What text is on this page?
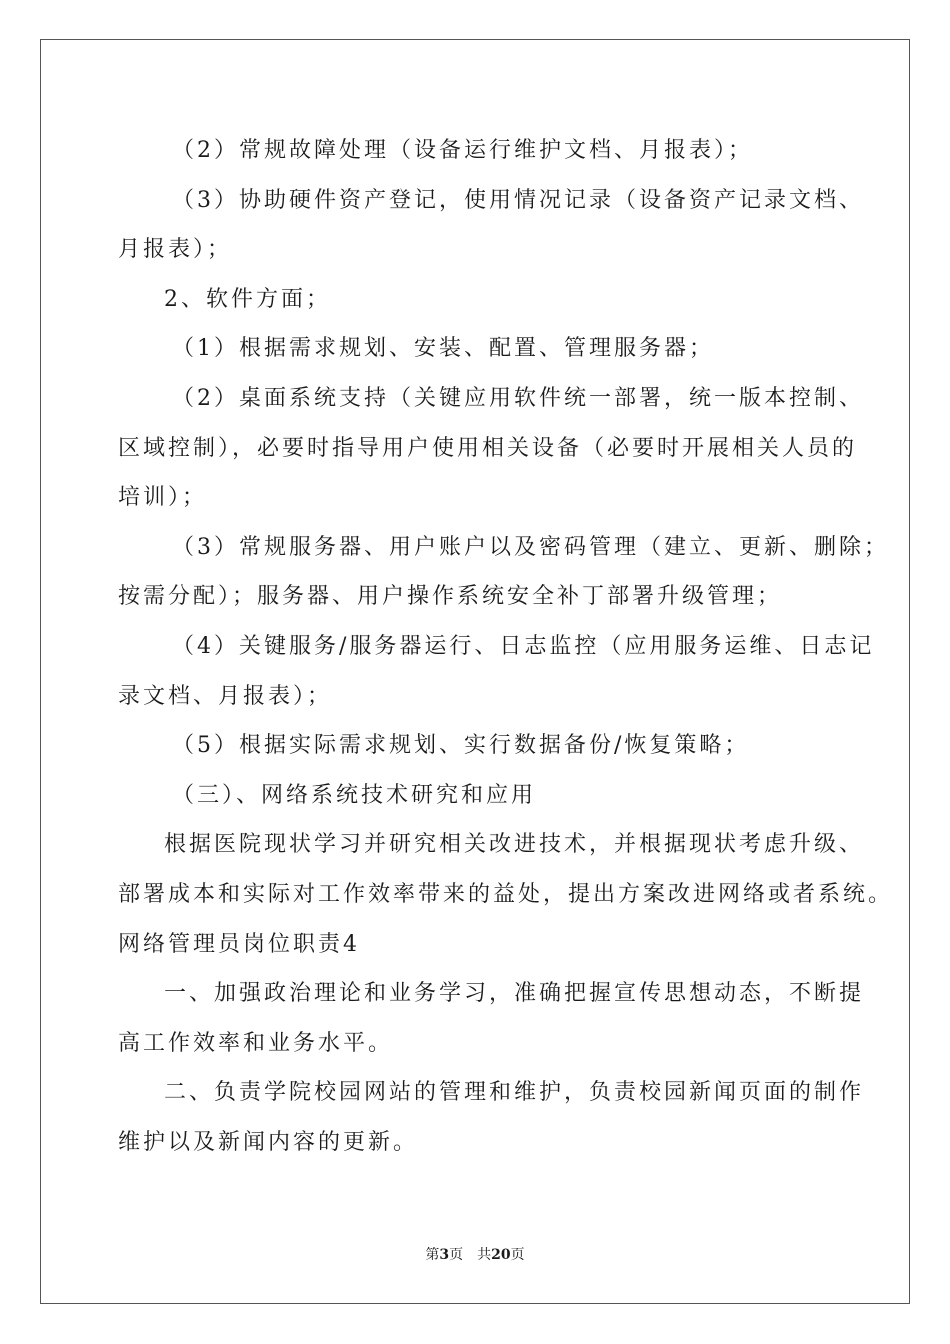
（2）常规故障处理（设备运行维护文档、月报表）；
（3）协助硬件资产登记，使用情况记录（设备资产记录文档、
月报表）；
2、软件方面；
（1）根据需求规划、安装、配置、管理服务器；
（2）桌面系统支持（关键应用软件统一部署，统一版本控制、
区域控制），必要时指导用户使用相关设备（必要时开展相关人员的
培训）；
（3）常规服务器、用户账户以及密码管理（建立、更新、删除；
按需分配）；服务器、用户操作系统安全补丁部署升级管理；
（4）关键服务/服务器运行、日志监控（应用服务运维、日志记
录文档、月报表）；
（5）根据实际需求规划、实行数据备份/恢复策略；
（三）、网络系统技术研究和应用
根据医院现状学习并研究相关改进技术，并根据现状考虑升级、
部署成本和实际对工作效率带来的益处，提出方案改进网络或者系统。
网络管理员岗位职责4
一、加强政治理论和业务学习，准确把握宣传思想动态，不断提
高工作效率和业务水平。
二、负责学院校园网站的管理和维护，负责校园新闻页面的制作
维护以及新闻内容的更新。
第3页　共20页
